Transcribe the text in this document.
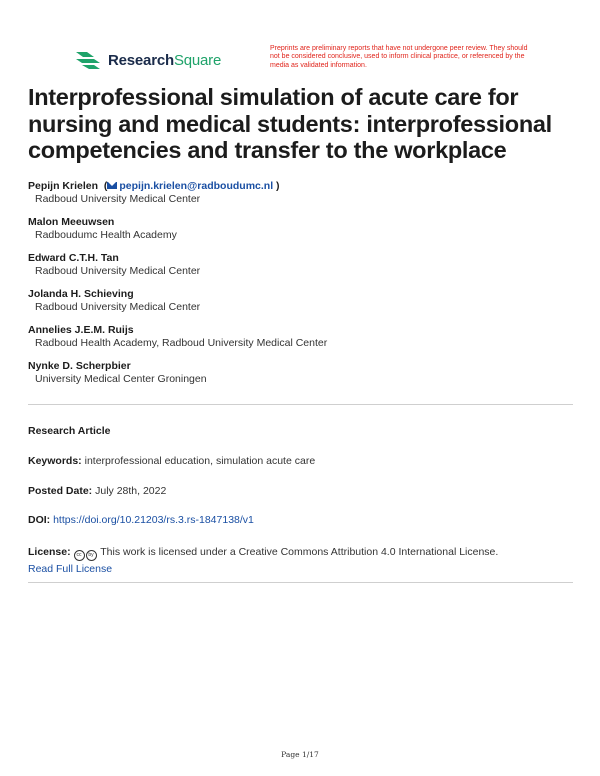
ResearchSquare
Preprints are preliminary reports that have not undergone peer review. They should not be considered conclusive, used to inform clinical practice, or referenced by the media as validated information.
Interprofessional simulation of acute care for nursing and medical students: interprofessional competencies and transfer to the workplace
Pepijn Krielen ( pepijn.krielen@radboudumc.nl )
Radboud University Medical Center
Malon Meeuwsen
Radboudumc Health Academy
Edward C.T.H. Tan
Radboud University Medical Center
Jolanda H. Schieving
Radboud University Medical Center
Annelies J.E.M. Ruijs
Radboud Health Academy, Radboud University Medical Center
Nynke D. Scherpbier
University Medical Center Groningen
Research Article
Keywords: interprofessional education, simulation acute care
Posted Date: July 28th, 2022
DOI: https://doi.org/10.21203/rs.3.rs-1847138/v1
License: cc by This work is licensed under a Creative Commons Attribution 4.0 International License.
Read Full License
Page 1/17
